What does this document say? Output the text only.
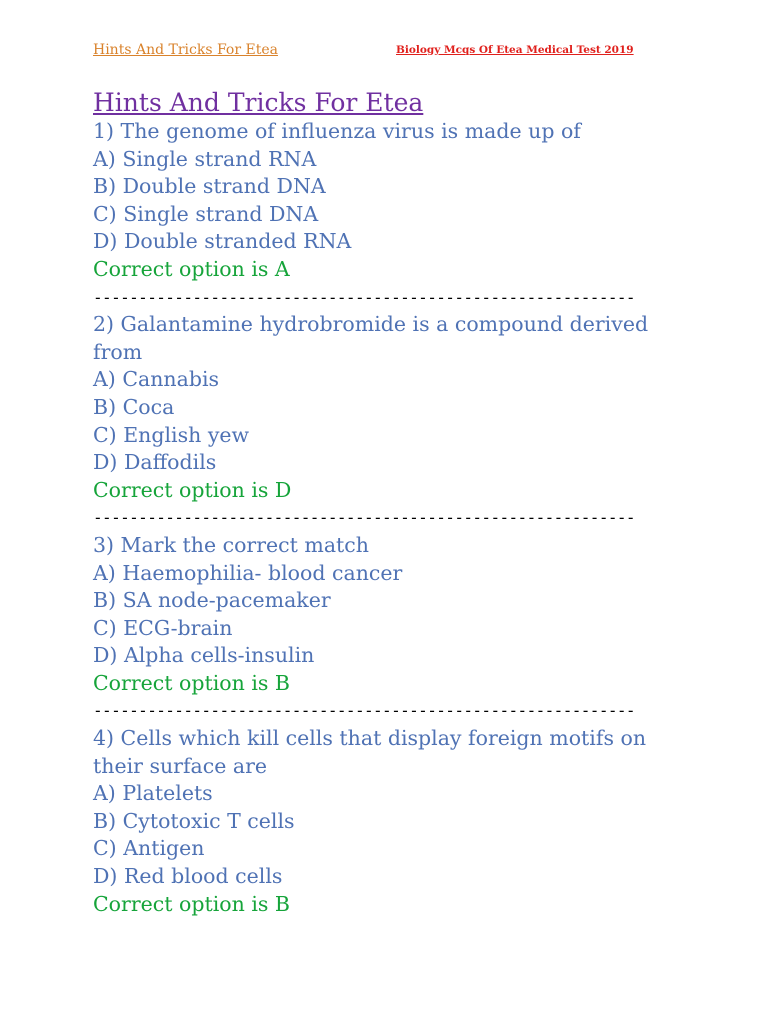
Hints And Tricks For Etea	Biology Mcqs Of Etea Medical Test 2019
Hints And Tricks For Etea
1) The genome of influenza virus is made up of
A) Single strand RNA
B) Double strand DNA
C) Single strand DNA
D) Double stranded RNA
Correct option is A
------------------------------------------------------------
2) Galantamine hydrobromide is a compound derived from
A) Cannabis
B) Coca
C) English yew
D) Daffodils
Correct option is D
------------------------------------------------------------
3) Mark the correct match
A) Haemophilia- blood cancer
B) SA node-pacemaker
C) ECG-brain
D) Alpha cells-insulin
Correct option is B
------------------------------------------------------------
4) Cells which kill cells that display foreign motifs on their surface are
A) Platelets
B) Cytotoxic T cells
C) Antigen
D) Red blood cells
Correct option is B
